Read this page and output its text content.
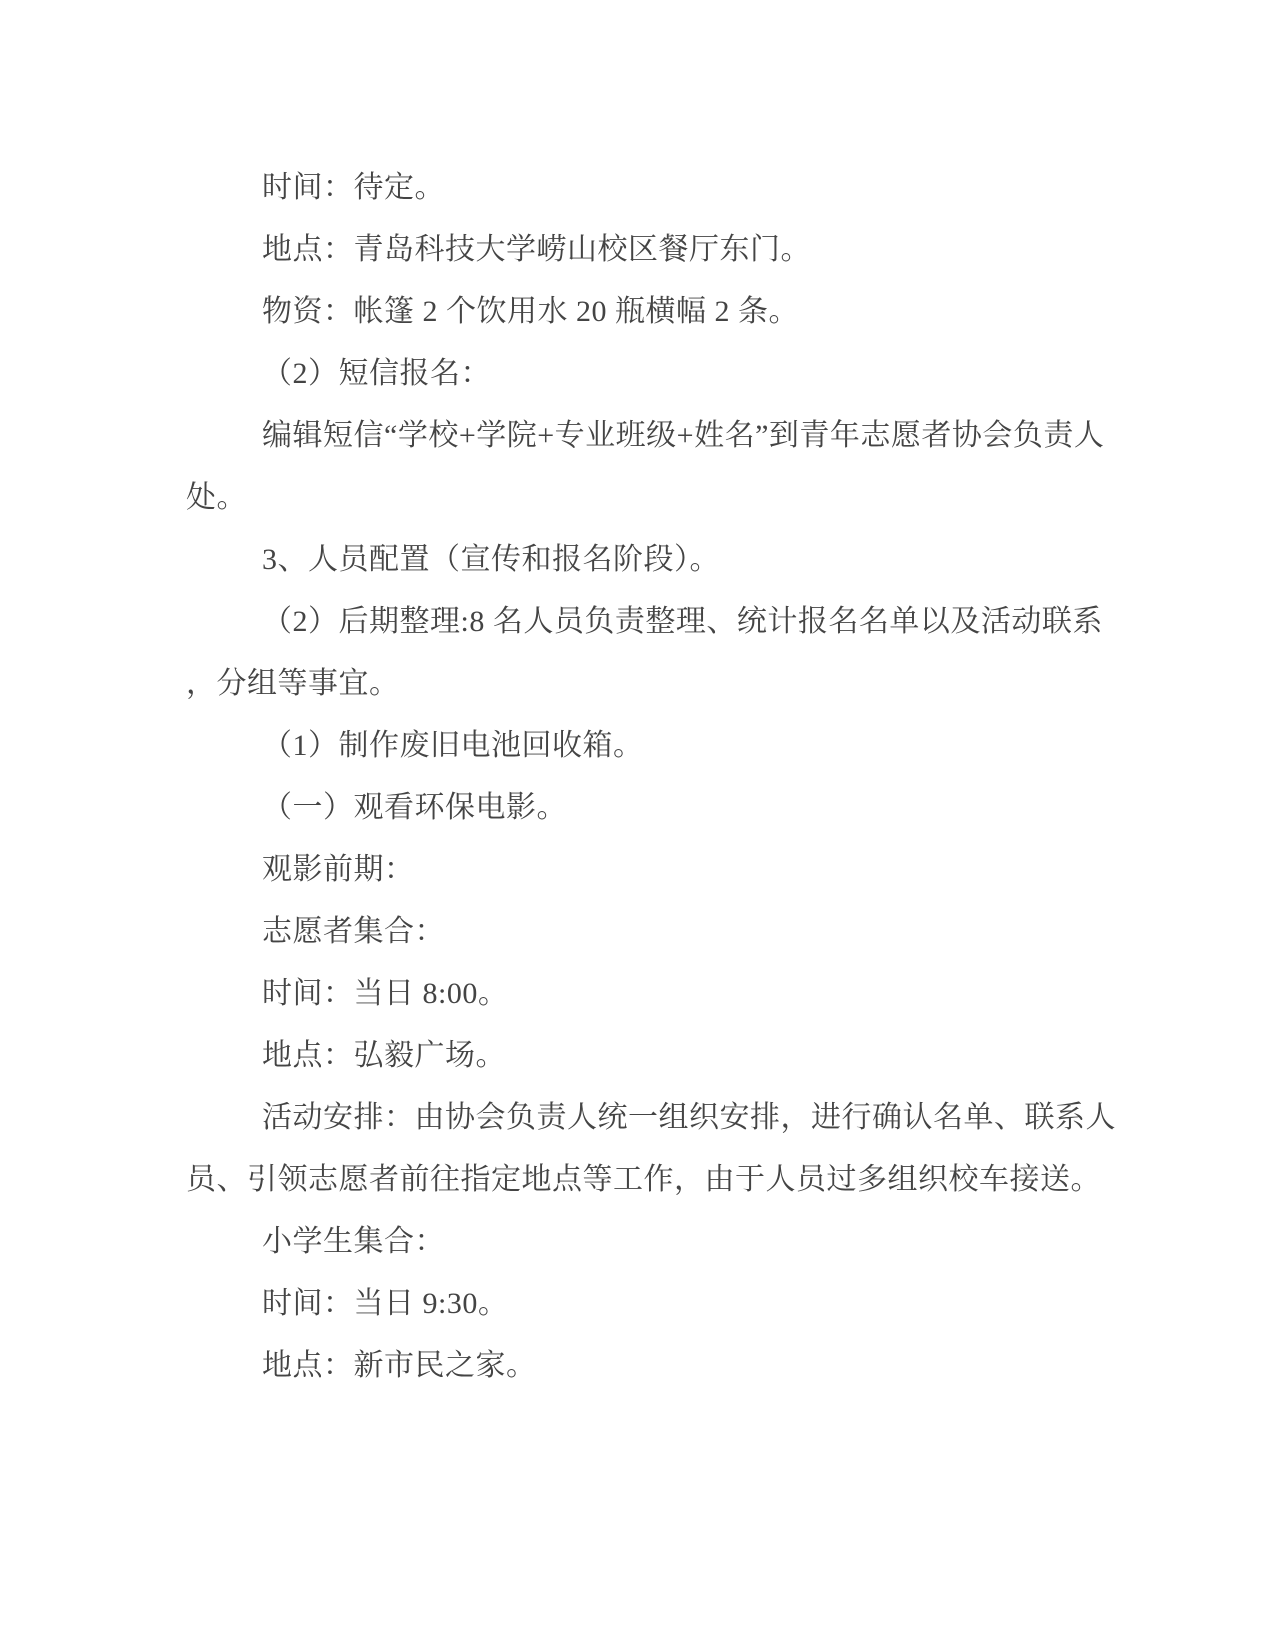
时间：待定。
地点：青岛科技大学崂山校区餐厅东门。
物资：帐篷 2 个饮用水 20 瓶横幅 2 条。
（2）短信报名：
编辑短信“学校+学院+专业班级+姓名”到青年志愿者协会负责人
处。
3、人员配置（宣传和报名阶段）。
（2）后期整理:8 名人员负责整理、统计报名名单以及活动联系
，分组等事宜。
（1）制作废旧电池回收箱。
（一）观看环保电影。
观影前期：
志愿者集合：
时间：当日 8:00。
地点：弘毅广场。
活动安排：由协会负责人统一组织安排，进行确认名单、联系人
员、引领志愿者前往指定地点等工作，由于人员过多组织校车接送。
小学生集合：
时间：当日 9:30。
地点：新市民之家。
